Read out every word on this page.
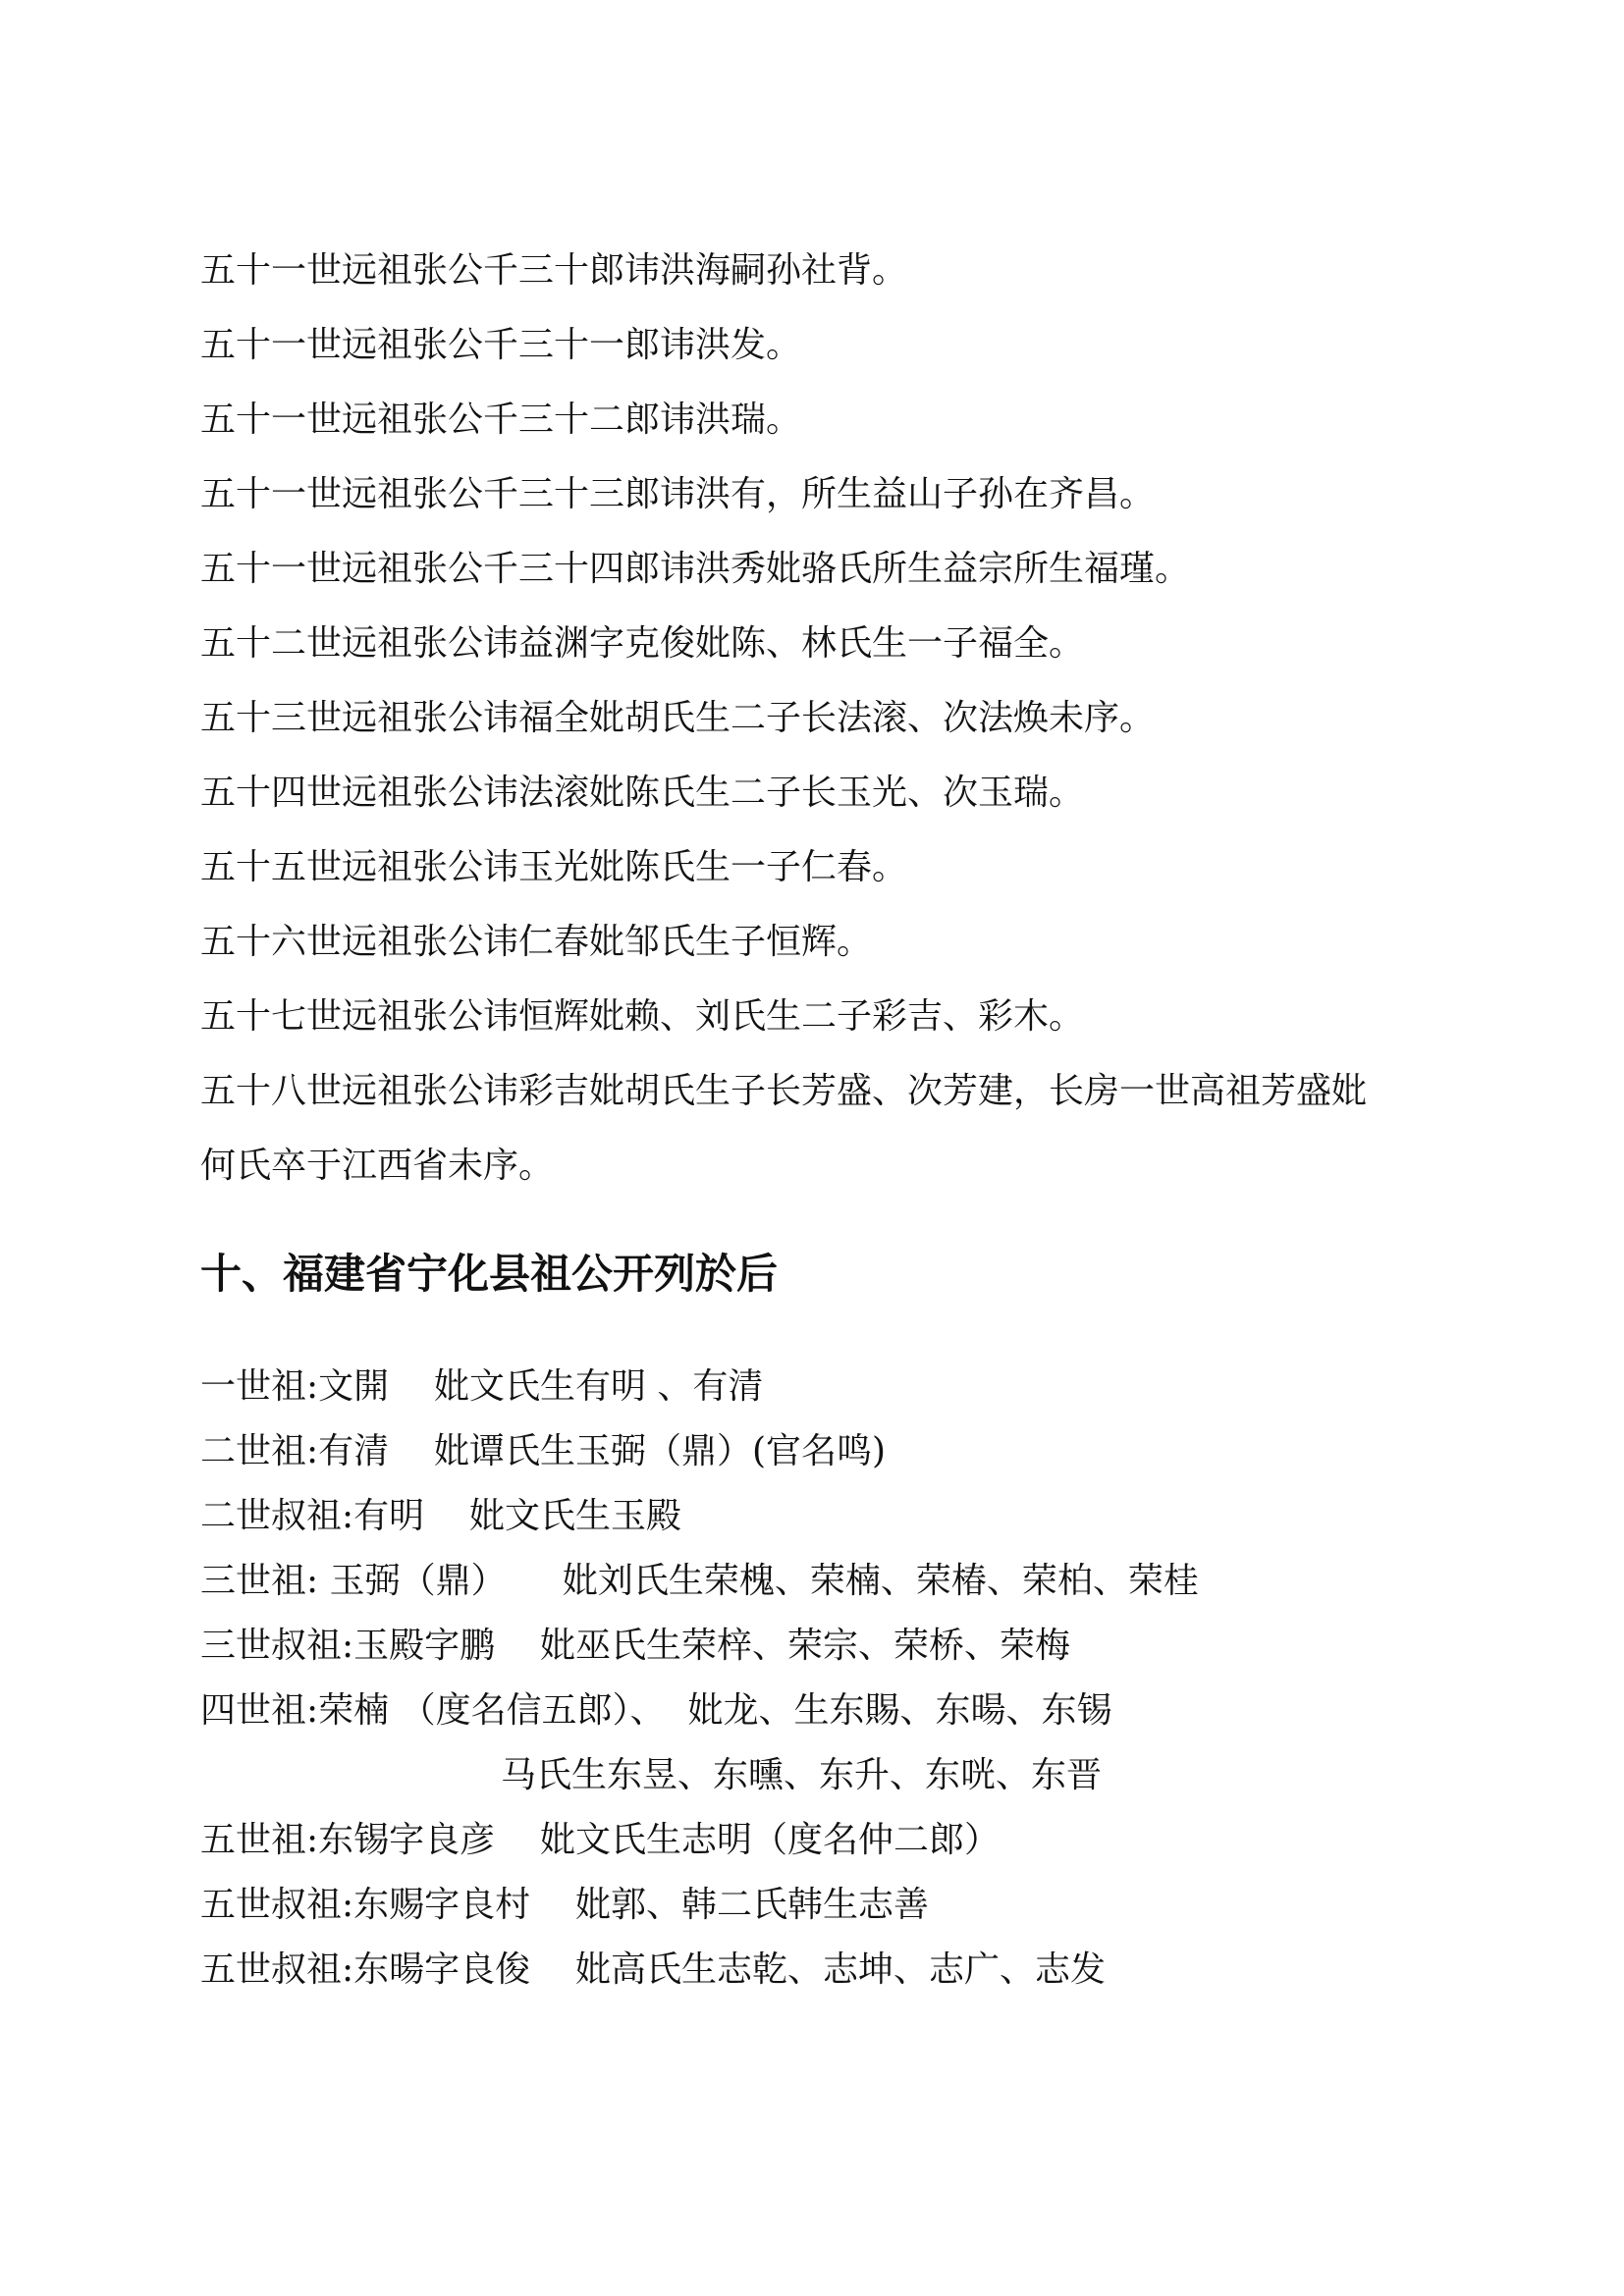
五十一世远祖张公千三十郎讳洪海嗣孙社背。

五十一世远祖张公千三十一郎讳洪发。

五十一世远祖张公千三十二郎讳洪瑞。

五十一世远祖张公千三十三郎讳洪有，所生益山子孙在齐昌。

五十一世远祖张公千三十四郎讳洪秀妣骆氏所生益宗所生福瑾。

五十二世远祖张公讳益渊字克俊妣陈、林氏生一子福全。

五十三世远祖张公讳福全妣胡氏生二子长法滚、次法焕未序。

五十四世远祖张公讳法滚妣陈氏生二子长玉光、次玉瑞。

五十五世远祖张公讳玉光妣陈氏生一子仁春。

五十六世远祖张公讳仁春妣邹氏生子恒辉。

五十七世远祖张公讳恒辉妣赖、刘氏生二子彩吉、彩木。

五十八世远祖张公讳彩吉妣胡氏生子长芳盛、次芳建，长房一世高祖芳盛妣

何氏卒于江西省未序。

十、福建省宁化县祖公开列於后
一世祖:文開 妣文氏生有明 、有清
二世祖:有清 妣谭氏生玉弼（鼎）(官名鸣)
二世叔祖:有明 妣文氏生玉殿
三世祖: 玉弼（鼎） 妣刘氏生荣槐、荣楠、荣椿、荣柏、荣桂
三世叔祖:玉殿字鹏 妣巫氏生荣梓、荣宗、荣桥、荣梅
四世祖:荣楠 （度名信五郎）、 妣龙、生东賜、东暘、东锡
马氏生东昱、东曛、东升、东咣、东晋
五世祖:东锡字良彦 妣文氏生志明（度名仲二郎）
五世叔祖:东赐字良村 妣郭、韩二氏韩生志善
五世叔祖:东暘字良俊 妣高氏生志乾、志坤、志广、志发
